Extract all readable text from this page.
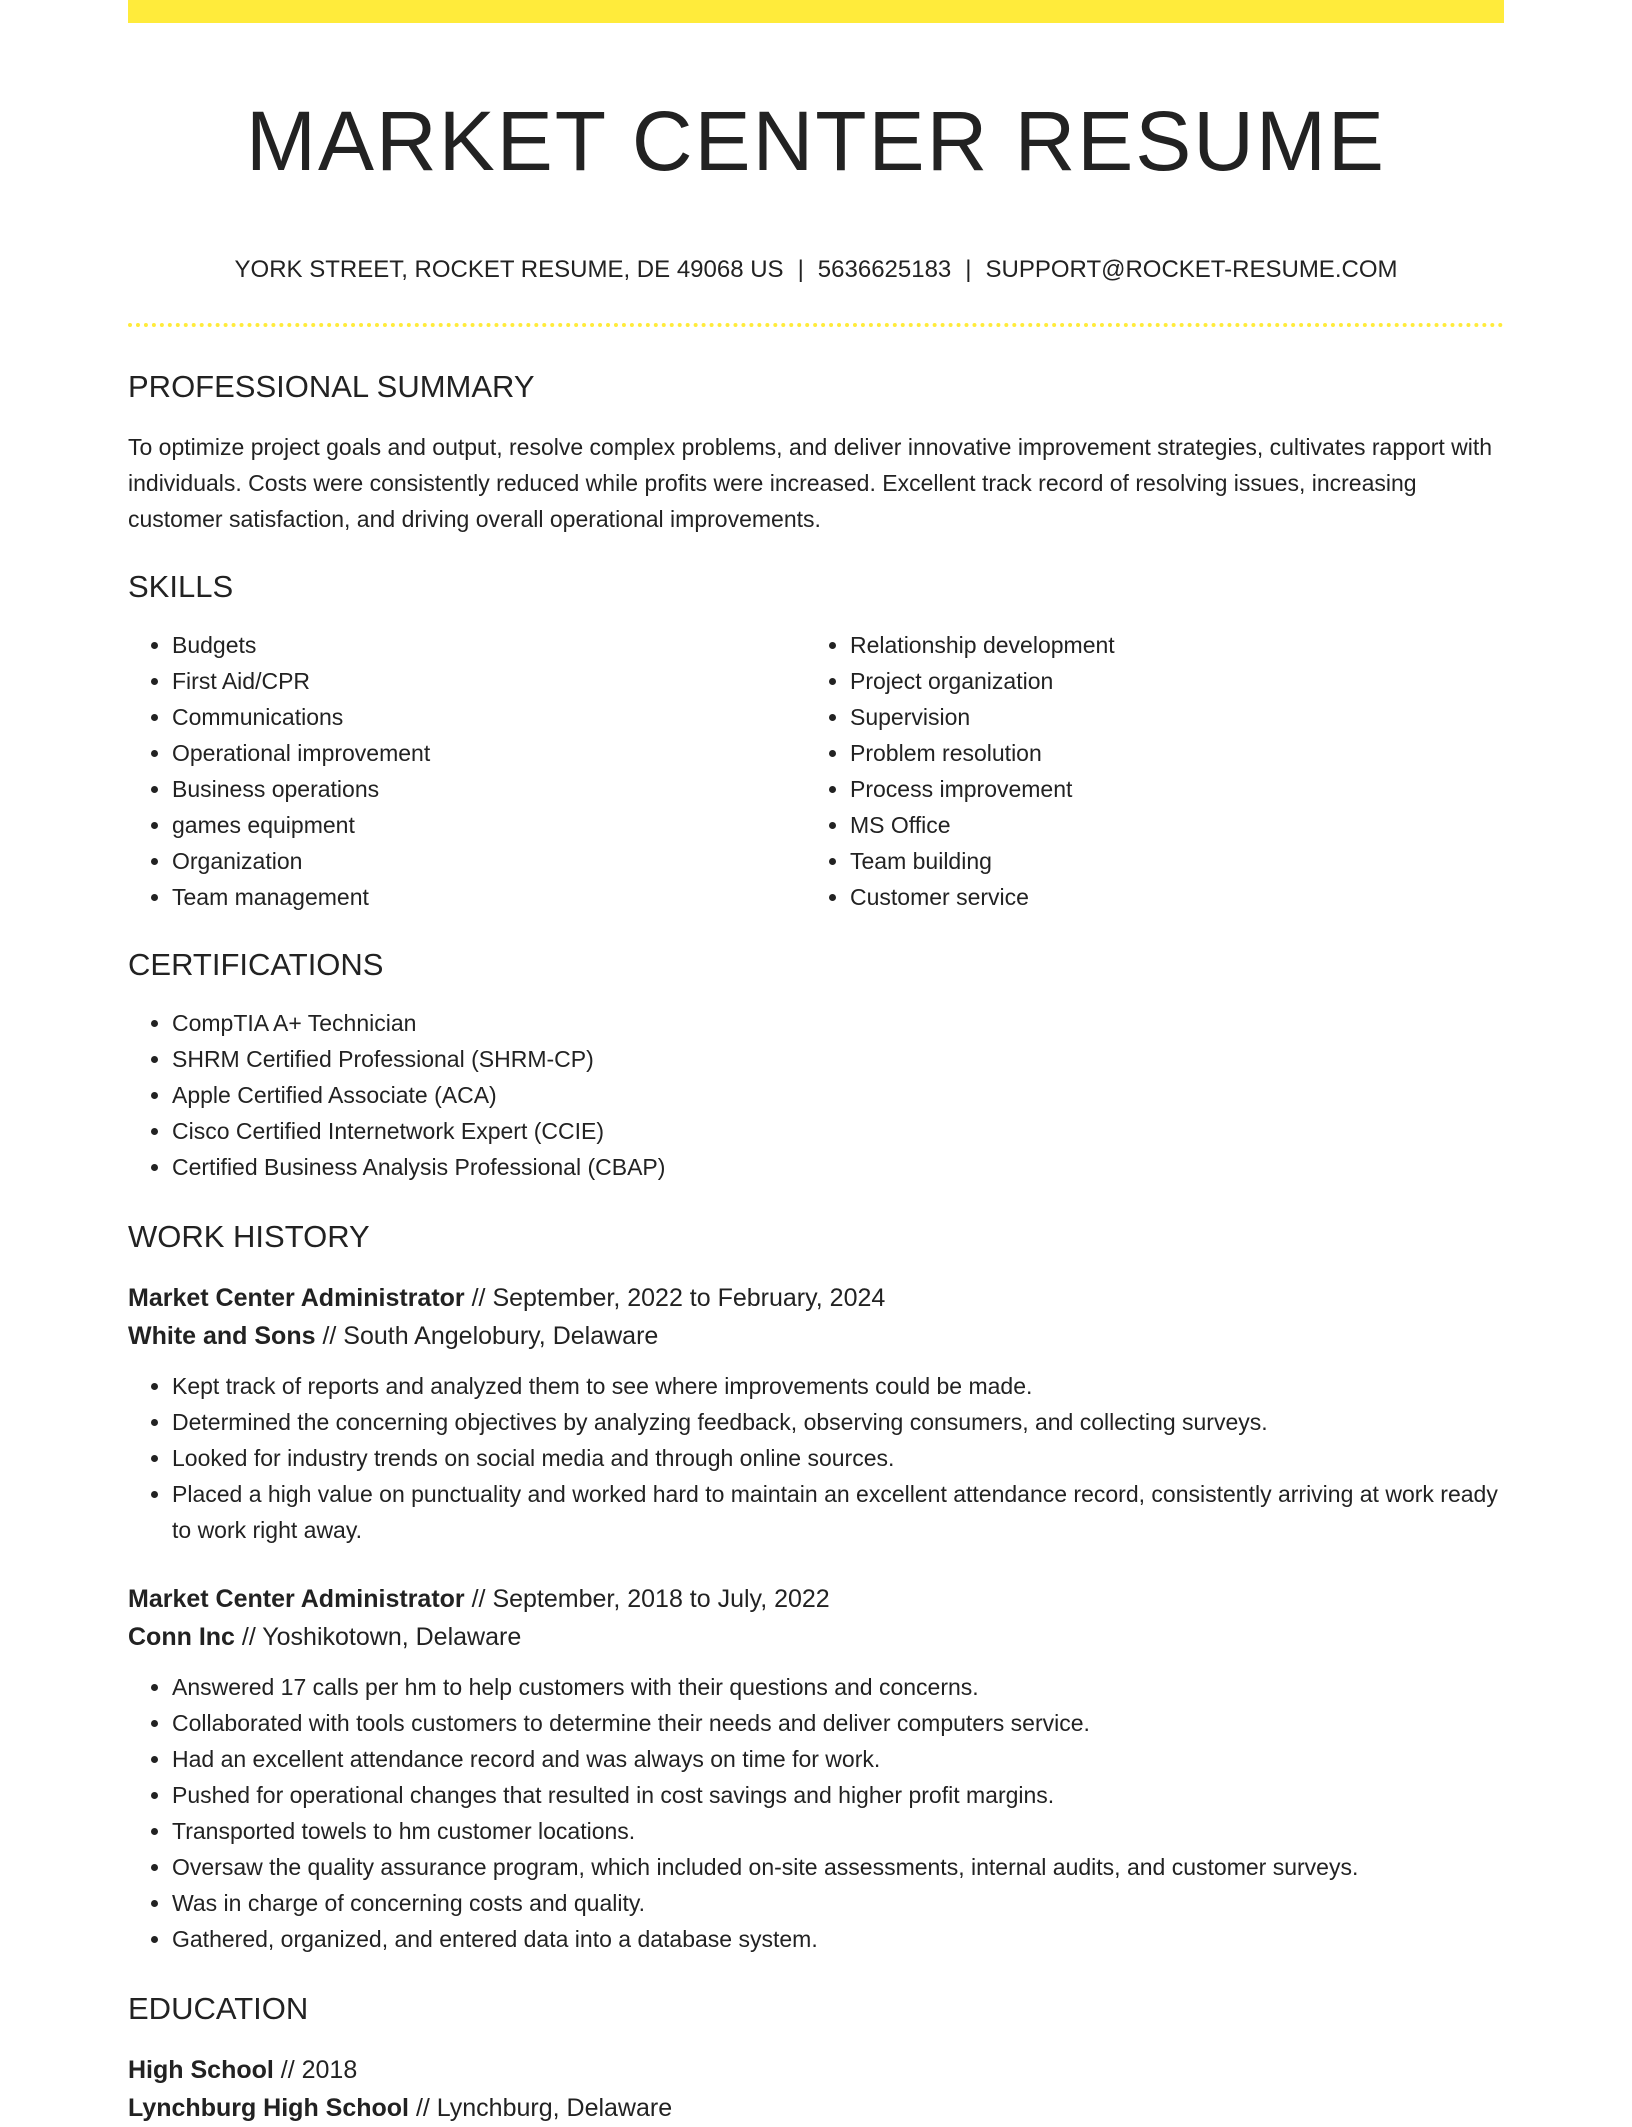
MARKET CENTER RESUME
YORK STREET, ROCKET RESUME, DE 49068 US | 5636625183 | SUPPORT@ROCKET-RESUME.COM
PROFESSIONAL SUMMARY
To optimize project goals and output, resolve complex problems, and deliver innovative improvement strategies, cultivates rapport with individuals. Costs were consistently reduced while profits were increased. Excellent track record of resolving issues, increasing customer satisfaction, and driving overall operational improvements.
SKILLS
• Budgets
• First Aid/CPR
• Communications
• Operational improvement
• Business operations
• games equipment
• Organization
• Team management
• Relationship development
• Project organization
• Supervision
• Problem resolution
• Process improvement
• MS Office
• Team building
• Customer service
CERTIFICATIONS
• CompTIA A+ Technician
• SHRM Certified Professional (SHRM-CP)
• Apple Certified Associate (ACA)
• Cisco Certified Internetwork Expert (CCIE)
• Certified Business Analysis Professional (CBAP)
WORK HISTORY
Market Center Administrator // September, 2022 to February, 2024
White and Sons // South Angelobury, Delaware
• Kept track of reports and analyzed them to see where improvements could be made.
• Determined the concerning objectives by analyzing feedback, observing consumers, and collecting surveys.
• Looked for industry trends on social media and through online sources.
• Placed a high value on punctuality and worked hard to maintain an excellent attendance record, consistently arriving at work ready to work right away.
Market Center Administrator // September, 2018 to July, 2022
Conn Inc // Yoshikotown, Delaware
• Answered 17 calls per hm to help customers with their questions and concerns.
• Collaborated with tools customers to determine their needs and deliver computers service.
• Had an excellent attendance record and was always on time for work.
• Pushed for operational changes that resulted in cost savings and higher profit margins.
• Transported towels to hm customer locations.
• Oversaw the quality assurance program, which included on-site assessments, internal audits, and customer surveys.
• Was in charge of concerning costs and quality.
• Gathered, organized, and entered data into a database system.
EDUCATION
High School // 2018
Lynchburg High School // Lynchburg, Delaware
